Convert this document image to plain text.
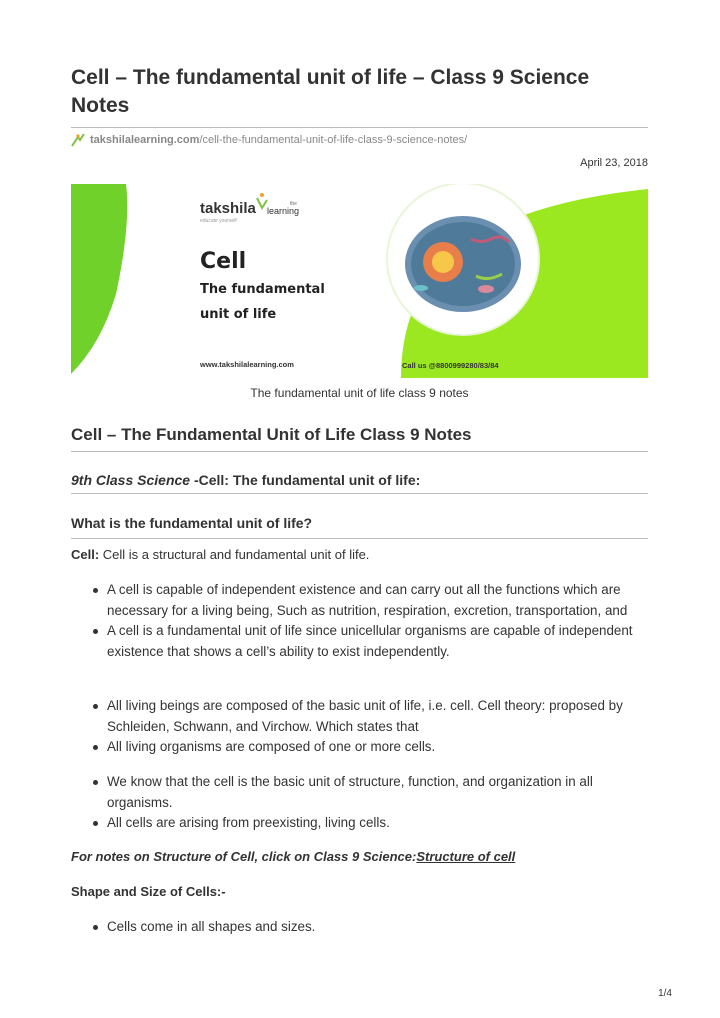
Cell – The fundamental unit of life – Class 9 Science Notes
takshilalearning.com/cell-the-fundamental-unit-of-life-class-9-science-notes/
April 23, 2018
takshila learning
the
educate yourself
Cell
The fundamental
unit of life
www.takshilalearning.com	Call us @8800999280/83/84
The fundamental unit of life class 9 notes
Cell – The Fundamental Unit of Life Class 9 Notes
9th Class Science -Cell: The fundamental unit of life:
What is the fundamental unit of life?

Cell: Cell is a structural and fundamental unit of life.

A cell is capable of independent existence and can carry out all the functions which are necessary for a living being, Such as nutrition, respiration, excretion, transportation, and
A cell is a fundamental unit of life since unicellular organisms are capable of independent existence that shows a cell’s ability to exist independently.
All living beings are composed of the basic unit of life, i.e. cell. Cell theory: proposed by Schleiden, Schwann, and Virchow. Which states that
All living organisms are composed of one or more cells.
We know that the cell is the basic unit of structure, function, and organization in all organisms.
All cells are arising from preexisting, living cells.

For notes on Structure of Cell, click on Class 9 Science:Structure of cell

Shape and Size of Cells:-
Cells come in all shapes and sizes.
1/4
